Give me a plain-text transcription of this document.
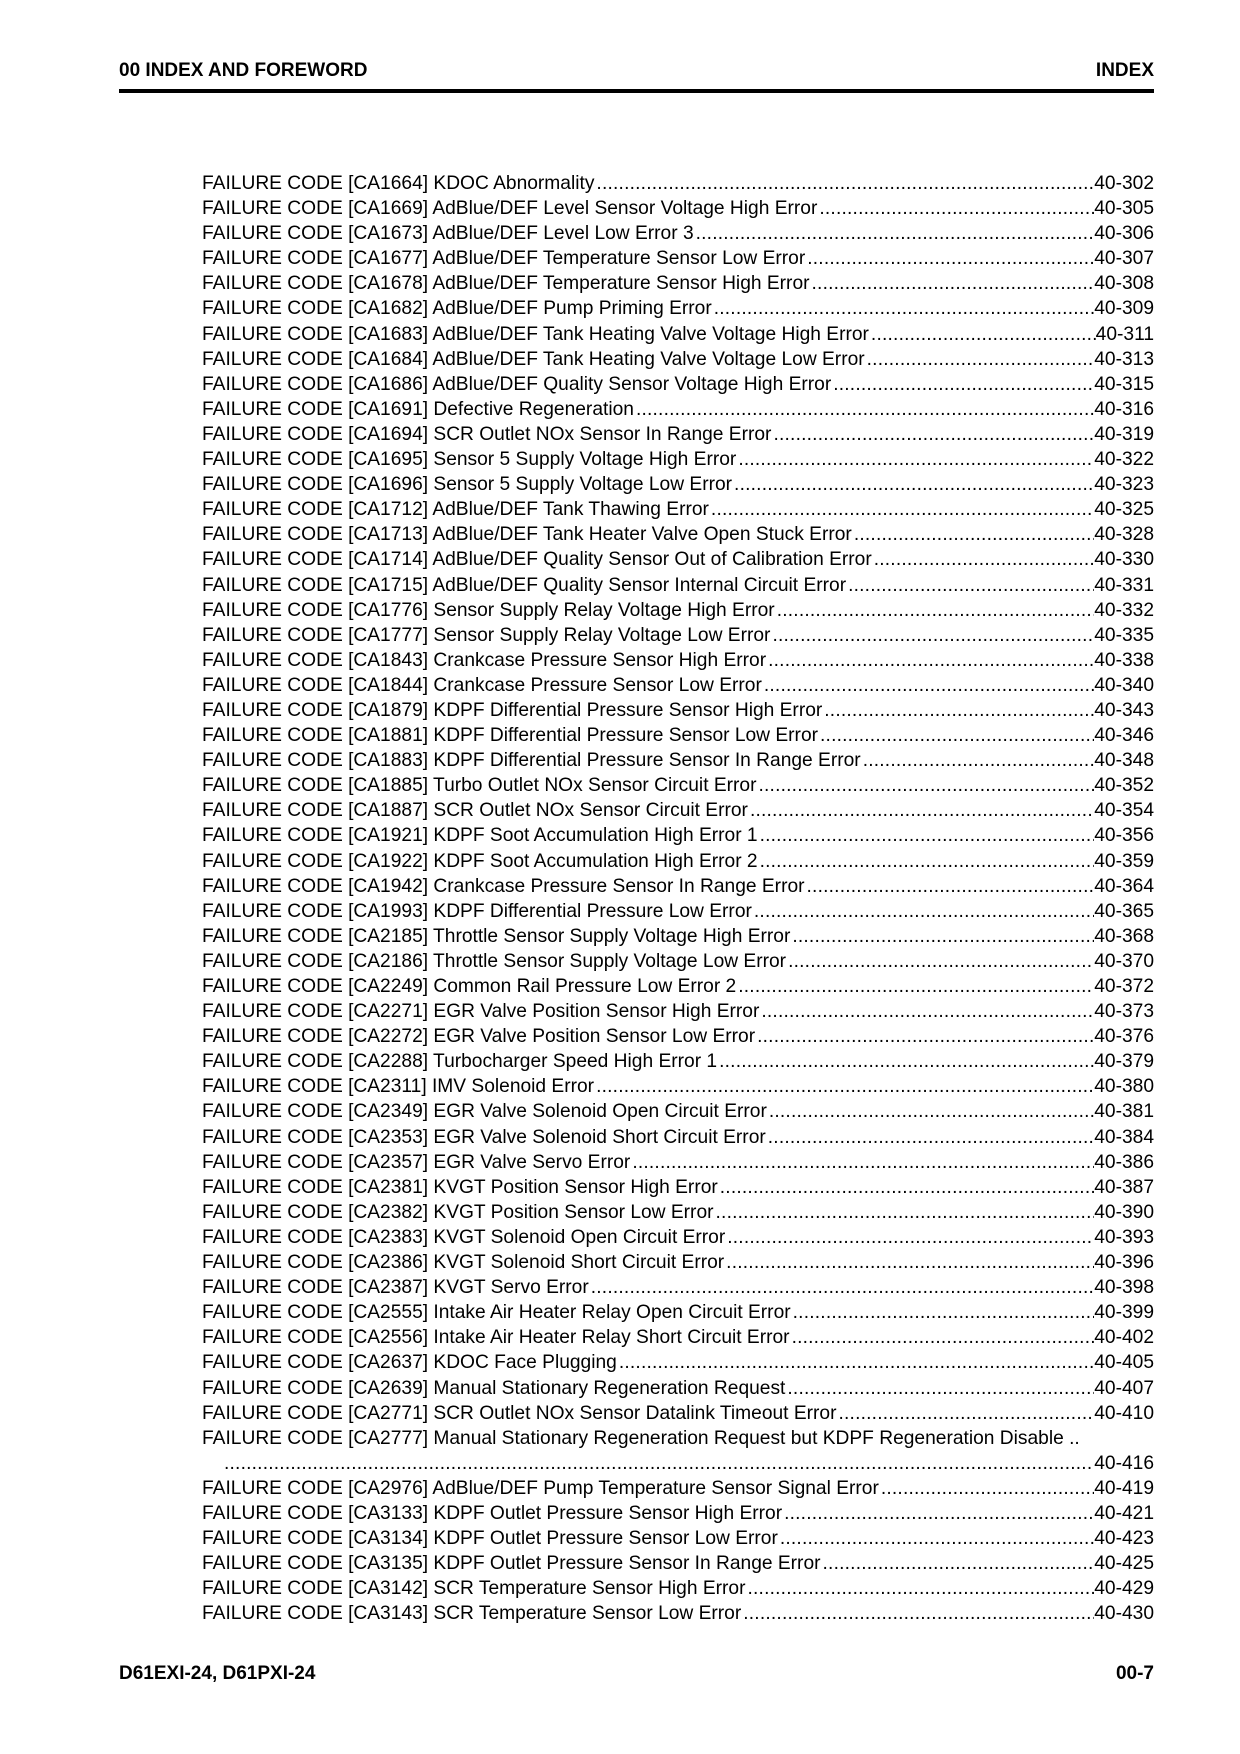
00 INDEX AND FOREWORD	INDEX
FAILURE CODE [CA1664] KDOC Abnormality .....	40-302
FAILURE CODE [CA1669] AdBlue/DEF Level Sensor Voltage High Error .....	40-305
FAILURE CODE [CA1673] AdBlue/DEF Level Low Error 3 .....	40-306
FAILURE CODE [CA1677] AdBlue/DEF Temperature Sensor Low Error .....	40-307
FAILURE CODE [CA1678] AdBlue/DEF Temperature Sensor High Error .....	40-308
FAILURE CODE [CA1682] AdBlue/DEF Pump Priming Error .....	40-309
FAILURE CODE [CA1683] AdBlue/DEF Tank Heating Valve Voltage High Error .....	40-311
FAILURE CODE [CA1684] AdBlue/DEF Tank Heating Valve Voltage Low Error .....	40-313
FAILURE CODE [CA1686] AdBlue/DEF Quality Sensor Voltage High Error .....	40-315
FAILURE CODE [CA1691] Defective Regeneration .....	40-316
FAILURE CODE [CA1694] SCR Outlet NOx Sensor In Range Error .....	40-319
FAILURE CODE [CA1695] Sensor 5 Supply Voltage High Error .....	40-322
FAILURE CODE [CA1696] Sensor 5 Supply Voltage Low Error .....	40-323
FAILURE CODE [CA1712] AdBlue/DEF Tank Thawing Error .....	40-325
FAILURE CODE [CA1713] AdBlue/DEF Tank Heater Valve Open Stuck Error .....	40-328
FAILURE CODE [CA1714] AdBlue/DEF Quality Sensor Out of Calibration Error .....	40-330
FAILURE CODE [CA1715] AdBlue/DEF Quality Sensor Internal Circuit Error .....	40-331
FAILURE CODE [CA1776] Sensor Supply Relay Voltage High Error .....	40-332
FAILURE CODE [CA1777] Sensor Supply Relay Voltage Low Error .....	40-335
FAILURE CODE [CA1843] Crankcase Pressure Sensor High Error .....	40-338
FAILURE CODE [CA1844] Crankcase Pressure Sensor Low Error .....	40-340
FAILURE CODE [CA1879] KDPF Differential Pressure Sensor High Error .....	40-343
FAILURE CODE [CA1881] KDPF Differential Pressure Sensor Low Error .....	40-346
FAILURE CODE [CA1883] KDPF Differential Pressure Sensor In Range Error .....	40-348
FAILURE CODE [CA1885] Turbo Outlet NOx Sensor Circuit Error .....	40-352
FAILURE CODE [CA1887] SCR Outlet NOx Sensor Circuit Error .....	40-354
FAILURE CODE [CA1921] KDPF Soot Accumulation High Error 1 .....	40-356
FAILURE CODE [CA1922] KDPF Soot Accumulation High Error 2 .....	40-359
FAILURE CODE [CA1942] Crankcase Pressure Sensor In Range Error .....	40-364
FAILURE CODE [CA1993] KDPF Differential Pressure Low Error .....	40-365
FAILURE CODE [CA2185] Throttle Sensor Supply Voltage High Error .....	40-368
FAILURE CODE [CA2186] Throttle Sensor Supply Voltage Low Error .....	40-370
FAILURE CODE [CA2249] Common Rail Pressure Low Error 2 .....	40-372
FAILURE CODE [CA2271] EGR Valve Position Sensor High Error .....	40-373
FAILURE CODE [CA2272] EGR Valve Position Sensor Low Error .....	40-376
FAILURE CODE [CA2288] Turbocharger Speed High Error 1 .....	40-379
FAILURE CODE [CA2311] IMV Solenoid Error .....	40-380
FAILURE CODE [CA2349] EGR Valve Solenoid Open Circuit Error .....	40-381
FAILURE CODE [CA2353] EGR Valve Solenoid Short Circuit Error .....	40-384
FAILURE CODE [CA2357] EGR Valve Servo Error .....	40-386
FAILURE CODE [CA2381] KVGT Position Sensor High Error .....	40-387
FAILURE CODE [CA2382] KVGT Position Sensor Low Error .....	40-390
FAILURE CODE [CA2383] KVGT Solenoid Open Circuit Error .....	40-393
FAILURE CODE [CA2386] KVGT Solenoid Short Circuit Error .....	40-396
FAILURE CODE [CA2387] KVGT Servo Error .....	40-398
FAILURE CODE [CA2555] Intake Air Heater Relay Open Circuit Error .....	40-399
FAILURE CODE [CA2556] Intake Air Heater Relay Short Circuit Error .....	40-402
FAILURE CODE [CA2637] KDOC Face Plugging .....	40-405
FAILURE CODE [CA2639] Manual Stationary Regeneration Request .....	40-407
FAILURE CODE [CA2771] SCR Outlet NOx Sensor Datalink Timeout Error .....	40-410
FAILURE CODE [CA2777] Manual Stationary Regeneration Request but KDPF Regeneration Disable ..
.....
40-416
FAILURE CODE [CA2976] AdBlue/DEF Pump Temperature Sensor Signal Error .....	40-419
FAILURE CODE [CA3133] KDPF Outlet Pressure Sensor High Error .....	40-421
FAILURE CODE [CA3134] KDPF Outlet Pressure Sensor Low Error .....	40-423
FAILURE CODE [CA3135] KDPF Outlet Pressure Sensor In Range Error .....	40-425
FAILURE CODE [CA3142] SCR Temperature Sensor High Error .....	40-429
FAILURE CODE [CA3143] SCR Temperature Sensor Low Error .....	40-430
D61EXI-24, D61PXI-24	00-7
